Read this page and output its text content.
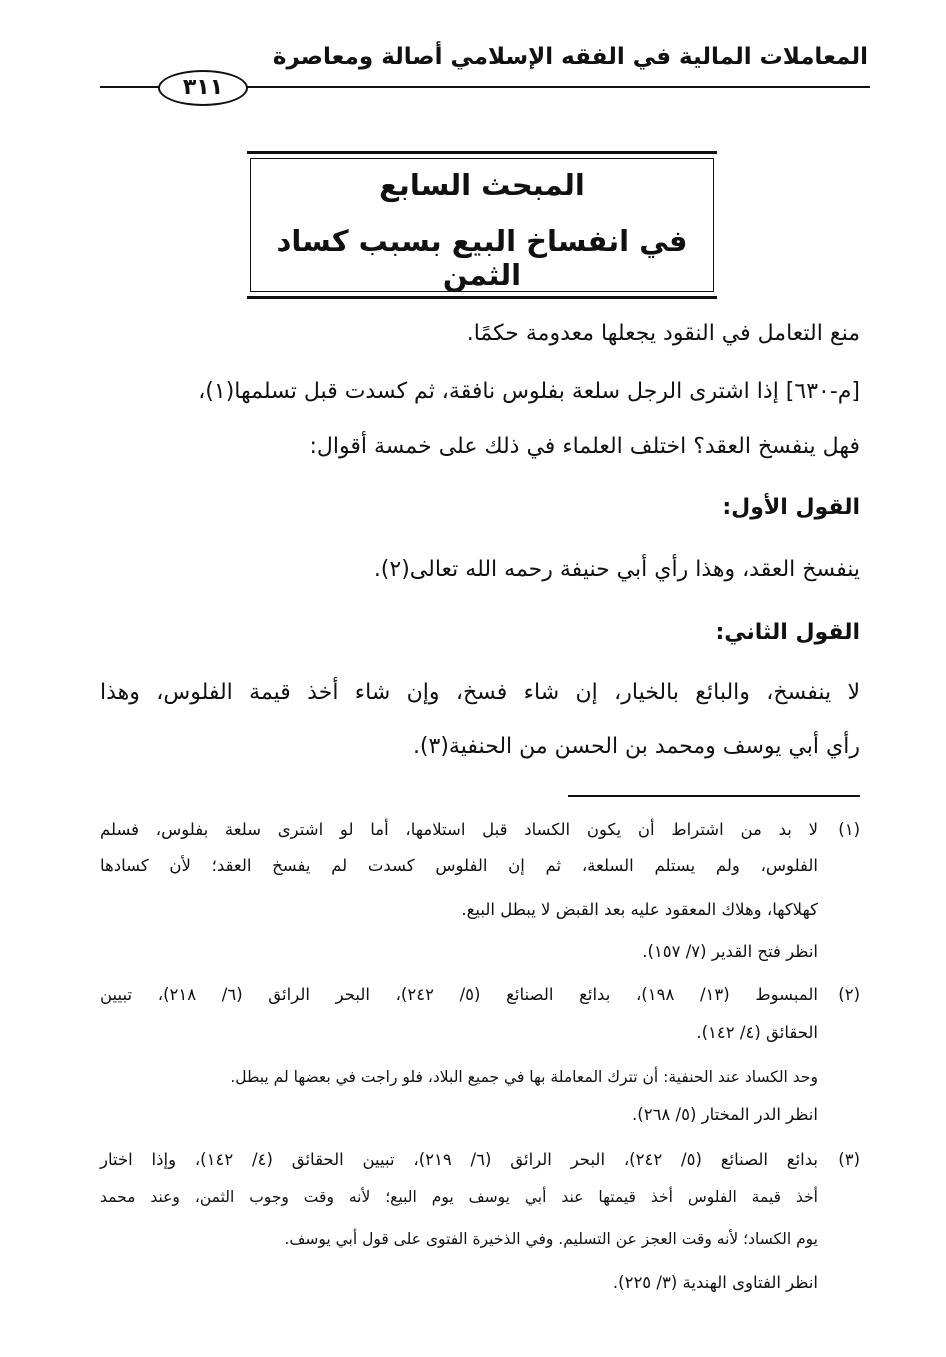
المعاملات المالية في الفقه الإسلامي أصالة ومعاصرة
٣١١
المبحث السابع
في انفساخ البيع بسبب كساد الثمن
منع التعامل في النقود يجعلها معدومة حكمًا.
[م-٦٣٠] إذا اشترى الرجل سلعة بفلوس نافقة، ثم كسدت قبل تسلمها(١)،
فهل ينفسخ العقد؟ اختلف العلماء في ذلك على خمسة أقوال:
القول الأول:
ينفسخ العقد، وهذا رأي أبي حنيفة رحمه الله تعالى(٢).
القول الثاني:
لا ينفسخ، والبائع بالخيار، إن شاء فسخ، وإن شاء أخذ قيمة الفلوس، وهذا
رأي أبي يوسف ومحمد بن الحسن من الحنفية(٣).
(١)
لا بد من اشتراط أن يكون الكساد قبل استلامها، أما لو اشترى سلعة بفلوس، فسلم
الفلوس، ولم يستلم السلعة، ثم إن الفلوس كسدت لم يفسخ العقد؛ لأن كسادها
كهلاكها، وهلاك المعقود عليه بعد القبض لا يبطل البيع.
انظر فتح القدير (٧/ ١٥٧).
(٢)
المبسوط (١٣/ ١٩٨)، بدائع الصنائع (٥/ ٢٤٢)، البحر الرائق (٦/ ٢١٨)، تبيين
الحقائق (٤/ ١٤٢).
وحد الكساد عند الحنفية: أن تترك المعاملة بها في جميع البلاد، فلو راجت في بعضها لم يبطل.
انظر الدر المختار (٥/ ٢٦٨).
(٣)
بدائع الصنائع (٥/ ٢٤٢)، البحر الرائق (٦/ ٢١٩)، تبيين الحقائق (٤/ ١٤٢)، وإذا اختار
أخذ قيمة الفلوس أخذ قيمتها عند أبي يوسف يوم البيع؛ لأنه وقت وجوب الثمن، وعند محمد
يوم الكساد؛ لأنه وقت العجز عن التسليم. وفي الذخيرة الفتوى على قول أبي يوسف.
انظر الفتاوى الهندية (٣/ ٢٢٥).
